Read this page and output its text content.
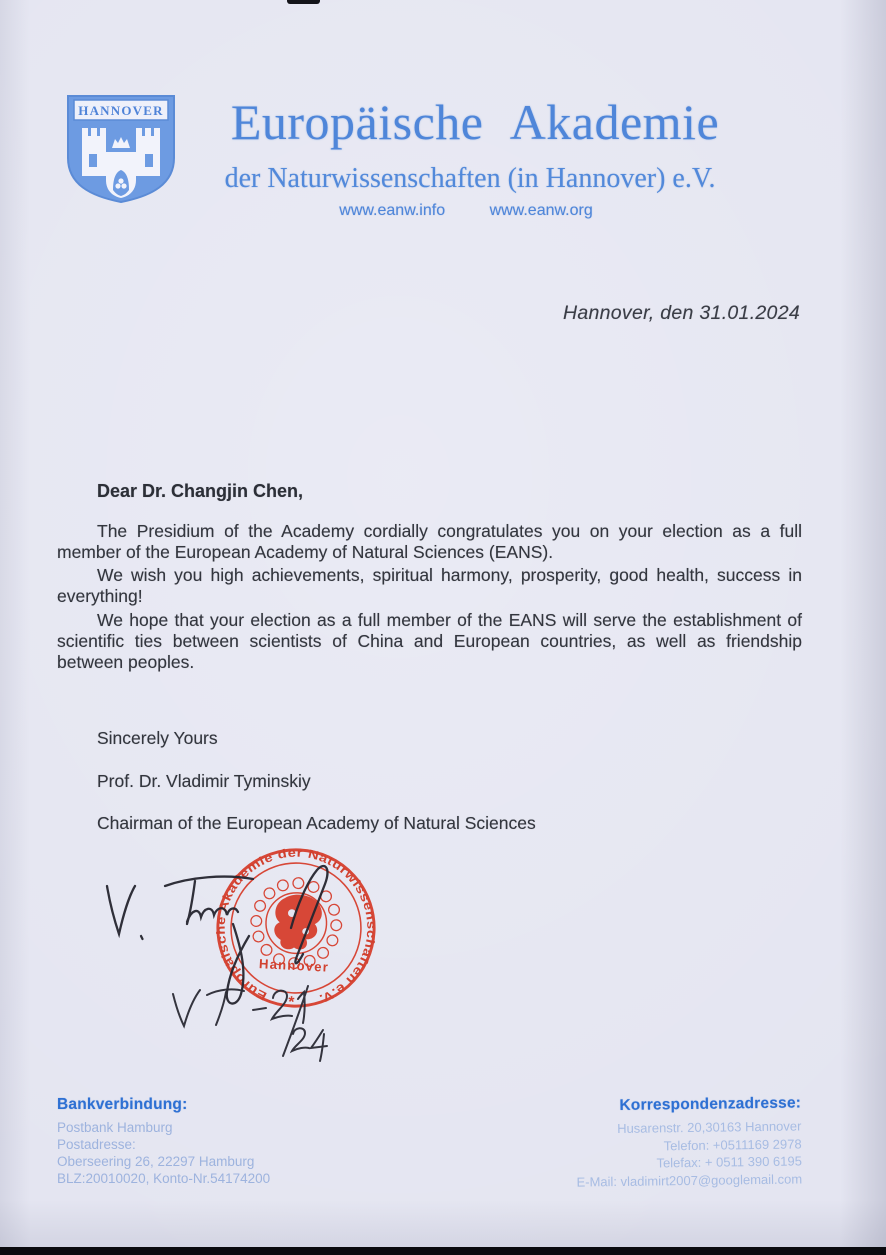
HANNOVER	Europäische Akademie
der Naturwissenschaften (in Hannover) e.V.
www.eanw.info	www.eanw.org
Hannover, den 31.01.2024

Dear Dr. Changjin Chen,

The Presidium of the Academy cordially congratulates you on your election as a full member of the European Academy of Natural Sciences (EANS).

We wish you high achievements, spiritual harmony, prosperity, good health, success in everything!

We hope that your election as a full member of the EANS will serve the establishment of scientific ties between scientists of China and European countries, as well as friendship between peoples.

Sincerely Yours

Prof. Dr. Vladimir Tyminskiy

Chairman of the European Academy of Natural Sciences

Europäische Akademie der Naturwissenschaften e.V.
*
Hannover

Bankverbindung:

Postbank Hamburg
Postadresse:
Oberseering 26, 22297 Hamburg
BLZ:20010020, Konto-Nr.54174200

Korrespondenzadresse:

Husarenstr. 20,30163 Hannover
Telefon: +0511169 2978
Telefax: + 0511 390 6195
E-Mail: vladimirt2007@googlemail.com
